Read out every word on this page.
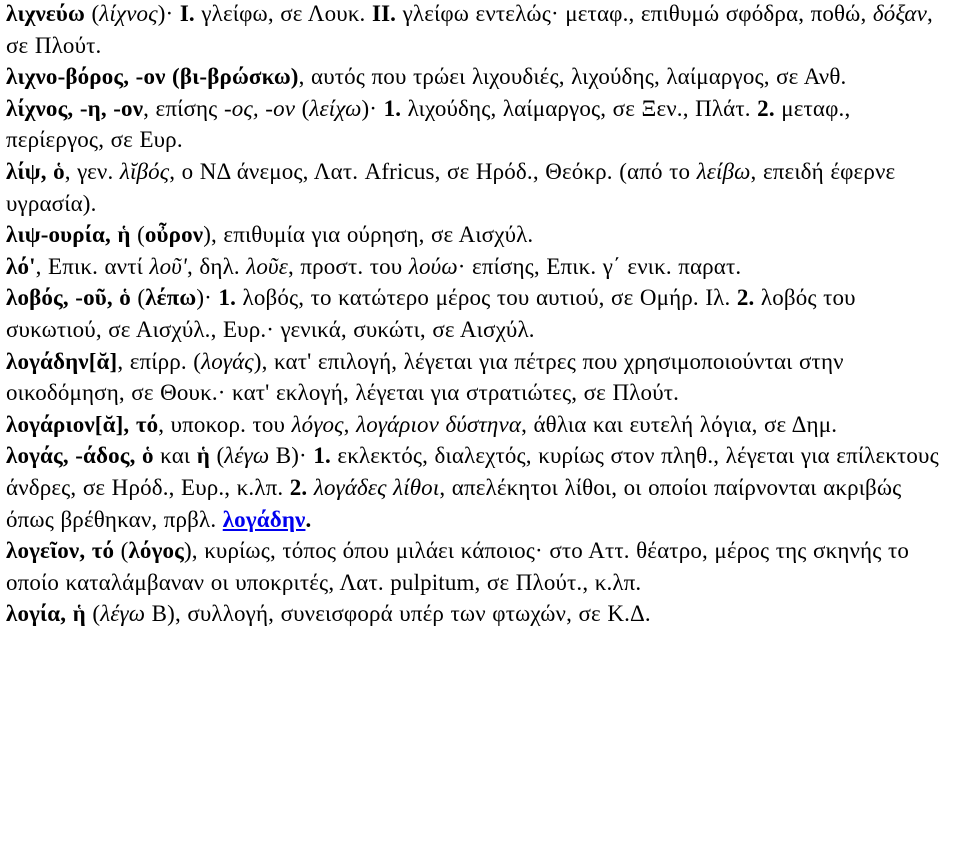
λιχνεύω (λίχνος)· I. γλείφω, σε Λουκ. II. γλείφω εντελώς· μεταφ., επιθυμώ σφόδρα, ποθώ, δόξαν, σε Πλούτ.

λιχνο-βόρος, -ον (βι-βρώσκω), αυτός που τρώει λιχουδιές, λιχούδης, λαίμαργος, σε Ανθ.

λίχνος, -η, -ον, επίσης -ος, -ον (λείχω)· 1. λιχούδης, λαίμαργος, σε Ξεν., Πλάτ. 2. μεταφ., περίεργος, σε Ευρ.

λίψ, ὁ, γεν. λῐβός, ο ΝΔ άνεμος, Λατ. Africus, σε Ηρόδ., Θεόκρ. (από το λείβω, επειδή έφερνε υγρασία).

λιψ-ουρία, ἡ (οὖρον), επιθυμία για ούρηση, σε Αισχύλ.

λό', Επικ. αντί λοῦ', δηλ. λοῦε, προστ. του λούω· επίσης, Επικ. γ΄ ενικ. παρατ.

λοβός, -οῦ, ὁ (λέπω)· 1. λοβός, το κατώτερο μέρος του αυτιού, σε Ομήρ. Ιλ. 2. λοβός του συκωτιού, σε Αισχύλ., Ευρ.· γενικά, συκώτι, σε Αισχύλ.

λογάδην[ᾰ], επίρρ. (λογάς), κατ' επιλογή, λέγεται για πέτρες που χρησιμοποιούνται στην οικοδόμηση, σε Θουκ.· κατ' εκλογή, λέγεται για στρατιώτες, σε Πλούτ.

λογάριον[ᾰ], τό, υποκορ. του λόγος, λογάριον δύστηνα, άθλια και ευτελή λόγια, σε Δημ.

λογάς, -άδος, ὁ και ἡ (λέγω B)· 1. εκλεκτός, διαλεχτός, κυρίως στον πληθ., λέγεται για επίλεκτους άνδρες, σε Ηρόδ., Ευρ., κ.λπ. 2. λογάδες λίθοι, απελέκητοι λίθοι, οι οποίοι παίρνονται ακριβώς όπως βρέθηκαν, πρβλ. λογάδην.

λογεῖον, τό (λόγος), κυρίως, τόπος όπου μιλάει κάποιος· στο Αττ. θέατρο, μέρος της σκηνής το οποίο καταλάμβαναν οι υποκριτές, Λατ. pulpitum, σε Πλούτ., κ.λπ.

λογία, ἡ (λέγω B), συλλογή, συνεισφορά υπέρ των φτωχών, σε Κ.Δ.
